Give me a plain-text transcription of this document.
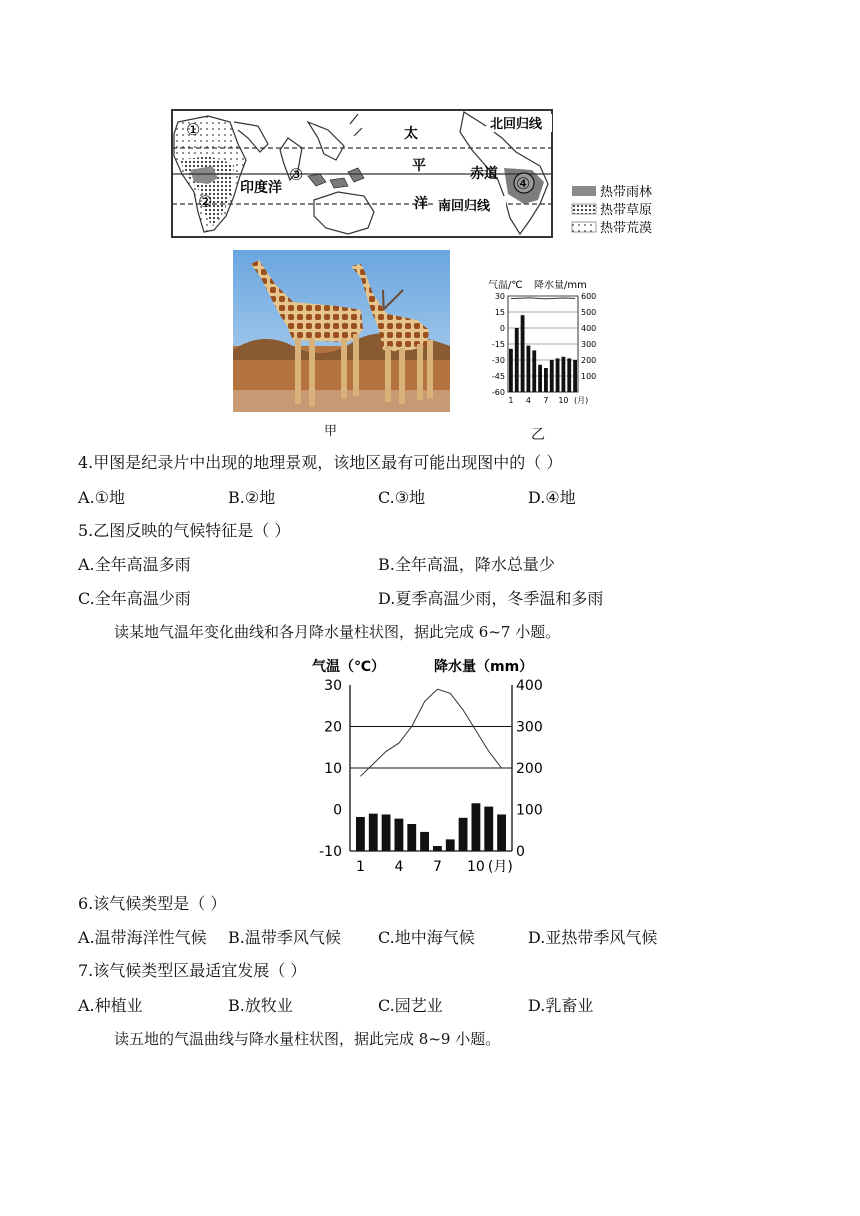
①
②
③	④
太
平
洋
印度洋
赤道
北回归线
南回归线
热带雨林
热带草原
热带荒漠
甲
气温/℃ 降水量/mm
600
500
400
300
200
100
30
15
0
-15
-30
-45
-60
1 4 7 10 (月)
乙
4.甲图是纪录片中出现的地理景观，该地区最有可能出现图中的（ ）
A.①地	B.②地	C.③地	D.④地
5.乙图反映的气候特征是（ ）
A.全年高温多雨	B.全年高温，降水总量少
C.全年高温少雨	D.夏季高温少雨，冬季温和多雨
读某地气温年变化曲线和各月降水量柱状图，据此完成 6~7 小题。
气温（℃）	降水量（mm）
30
20
10
0
-10
400
300
200
100
0
1 4 7 10 (月)
6.该气候类型是（ ）
A.温带海洋性气候 B.温带季风气候 C.地中海气候	D.亚热带季风气候
7.该气候类型区最适宜发展（ ）
A.种植业	B.放牧业	C.园艺业	D.乳畜业
读五地的气温曲线与降水量柱状图，据此完成 8~9 小题。
